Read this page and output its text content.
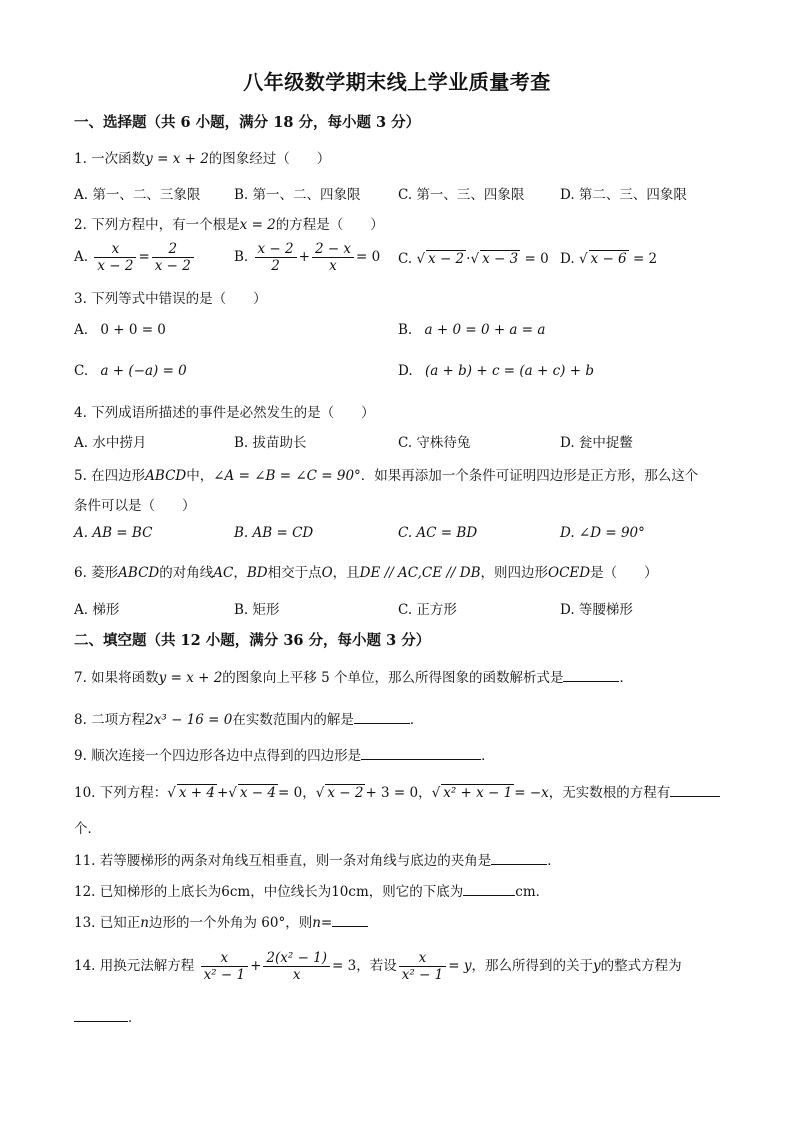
八年级数学期末线上学业质量考查
一、选择题（共 6 小题，满分 18 分，每小题 3 分）
1. 一次函数y = x + 2的图象经过（　　）
A. 第一、二、三象限 B. 第一、二、四象限	C. 第一、三、四象限	D. 第二、三、四象限
2. 下列方程中，有一个根是x = 2的方程是（　　）
A. $\frac{x}{x - 2} = \frac{2}{x - 2}$	B. $\frac{x - 2}{2} + \frac{2 - x}{x} = 0$ C. √ x − 2 ·√ x − 3 = 0 D. √ x − 6 = 2
3. 下列等式中错误的是（　　）
A. 0 + 0 = 0	B. a + 0 = 0 + a = a
C. a + (−a) = 0	D. (a + b) + c = (a + c) + b
4. 下列成语所描述的事件是必然发生的是（　　）
A. 水中捞月	B. 拔苗助长	C. 守株待兔	D. 瓮中捉鳖
5. 在四边形ABCD中，∠A = ∠B = ∠C = 90°．如果再添加一个条件可证明四边形是正方形，那么这个
条件可以是（　　）
A. AB = BC	B. AB = CD	C. AC = BD	D. ∠D = 90°
6. 菱形ABCD的对角线AC，BD相交于点O，且DE // AC,CE // DB，则四边形OCED是（　　）
A. 梯形	B. 矩形	C. 正方形	D. 等腰梯形
二、填空题（共 12 小题，满分 36 分，每小题 3 分）
7. 如果将函数y = x + 2的图象向上平移 5 个单位，那么所得图象的函数解析式是	．
8. 二项方程2x³ − 16 = 0在实数范围内的解是	．
9. 顺次连接一个四边形各边中点得到的四边形是	．
10. 下列方程：√ x + 4 +√ x − 4 = 0，√ x − 2 + 3 = 0，√ x² + x − 1 = −x，无实数根的方程有
个．
11. 若等腰梯形的两条对角线互相垂直，则一条对角线与底边的夹角是	．
12. 已知梯形的上底长为6cm，中位线长为10cm，则它的下底为	cm．
13. 已知正n边形的一个外角为 60°，则n=
14. 用换元法解方程 $\frac{x}{\text{x² − 1}} + \frac{\text{2(x² − 1)}}{x} = 3$，若设 $\frac{x}{\text{x² − 1}} = y$，那么所得到的关于y的整式方程为
．
